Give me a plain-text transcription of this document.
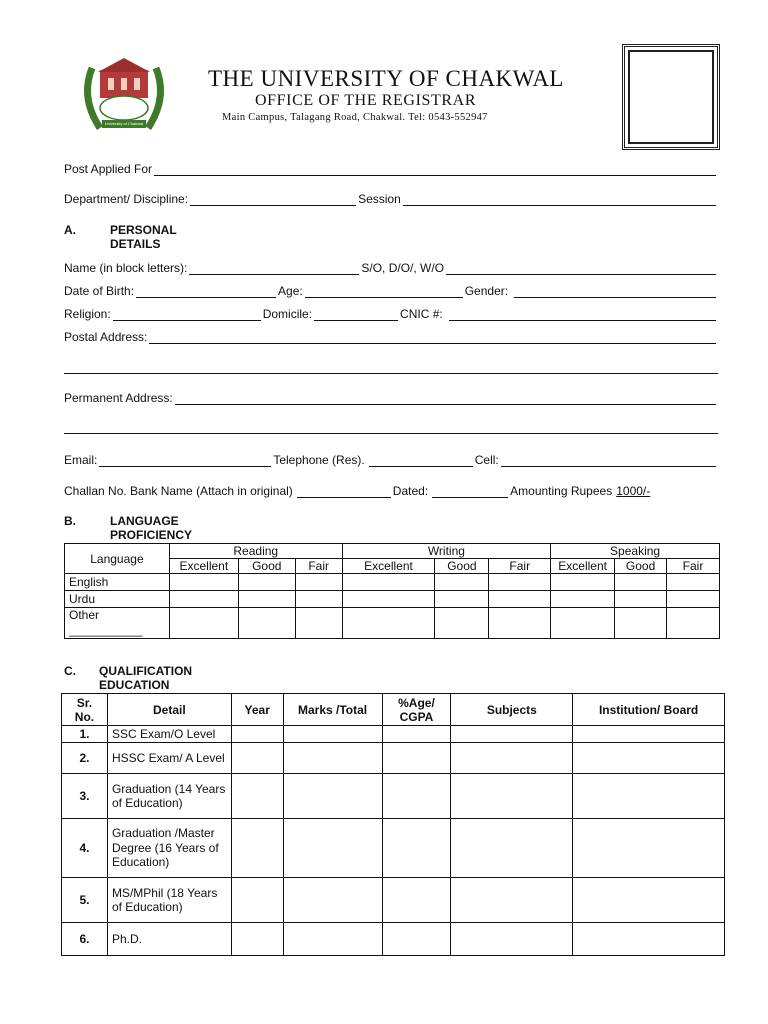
University of Chakwal
THE UNIVERSITY OF CHAKWAL
OFFICE OF THE REGISTRAR
Main Campus, Talagang Road, Chakwal. Tel: 0543-552947
Post Applied For
Department/ Discipline:	Session
A.	PERSONAL DETAILS
Name (in block letters):	S/O, D/O/, W/O
Date of Birth:	Age:	Gender:
Religion:	Domicile:	CNIC #:
Postal Address:
Permanent Address:
Email:	Telephone (Res).	Cell:
Challan No. Bank Name (Attach in original)	Dated:	Amounting Rupees 1000/-
B.	LANGUAGE PROFICIENCY
Language	Reading			Writing			Speaking		
	Excellent	Good	Fair	Excellent	Good	Fair	Excellent	Good	Fair
English									
Urdu									
Other
___________									
C. QUALIFICATION EDUCATION
Sr. No.	Detail	Year	Marks /Total	%Age/ CGPA	Subjects	Institution/ Board
1.	SSC Exam/O Level					
2.	HSSC Exam/ A Level					
3.	Graduation (14 Years of Education)					
4.	Graduation /Master Degree (16 Years of Education)					
5.	MS/MPhil (18 Years of Education)					
6.	Ph.D.					
